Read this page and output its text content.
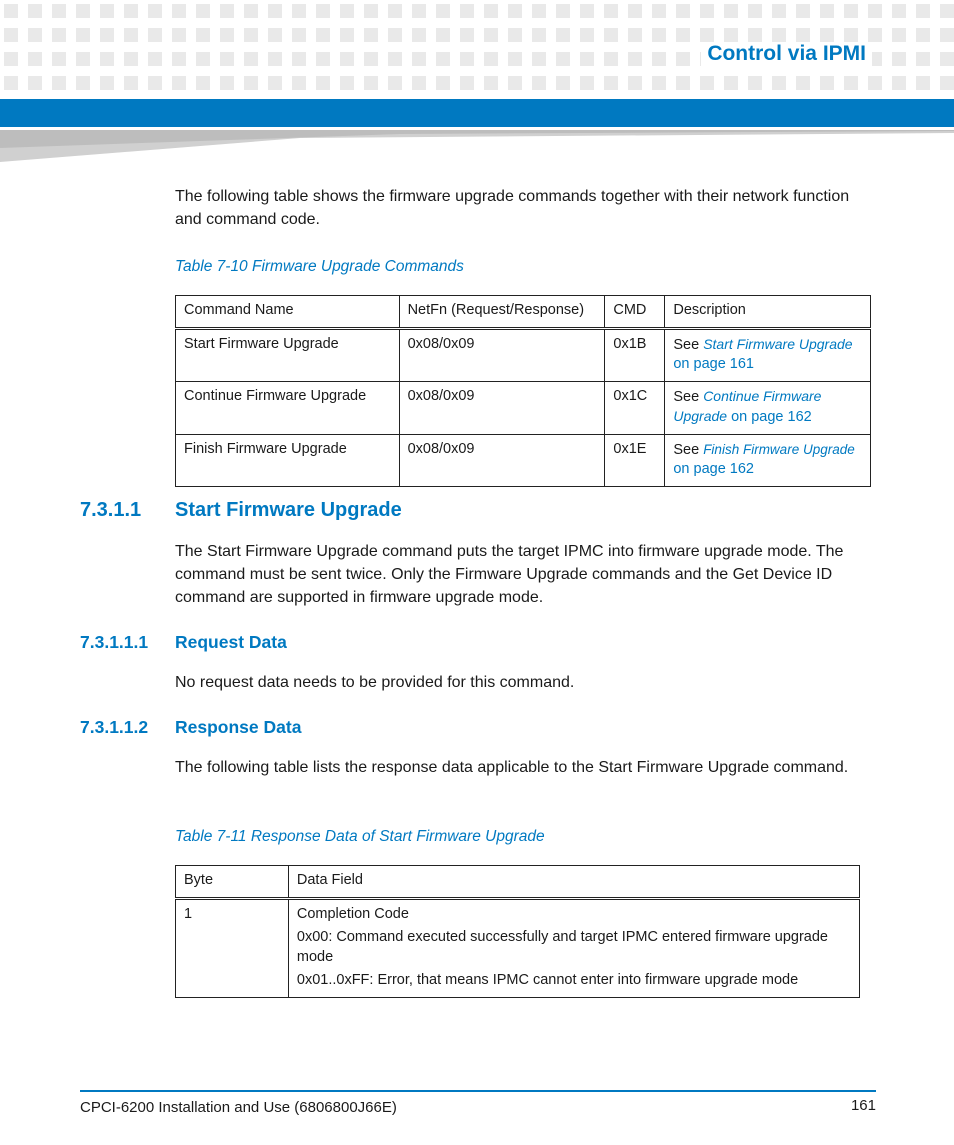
Control via IPMI

The following table shows the firmware upgrade commands together with their network function and command code.

Table 7-10 Firmware Upgrade Commands
Command Name	NetFn (Request/Response)	CMD	Description
Start Firmware Upgrade	0x08/0x09	0x1B	See Start Firmware Upgrade on page 161
Continue Firmware Upgrade	0x08/0x09	0x1C	See Continue Firmware Upgrade on page 162
Finish Firmware Upgrade	0x08/0x09	0x1E	See Finish Firmware Upgrade on page 162
7.3.1.1 Start Firmware Upgrade

The Start Firmware Upgrade command puts the target IPMC into firmware upgrade mode. The command must be sent twice. Only the Firmware Upgrade commands and the Get Device ID command are supported in firmware upgrade mode.

7.3.1.1.1 Request Data

No request data needs to be provided for this command.

7.3.1.1.2 Response Data

The following table lists the response data applicable to the Start Firmware Upgrade command.

Table 7-11 Response Data of Start Firmware Upgrade
Byte	Data Field
1	Completion Code
0x00: Command executed successfully and target IPMC entered firmware upgrade mode
0x01..0xFF: Error, that means IPMC cannot enter into firmware upgrade mode
CPCI-6200 Installation and Use (6806800J66E)	161
